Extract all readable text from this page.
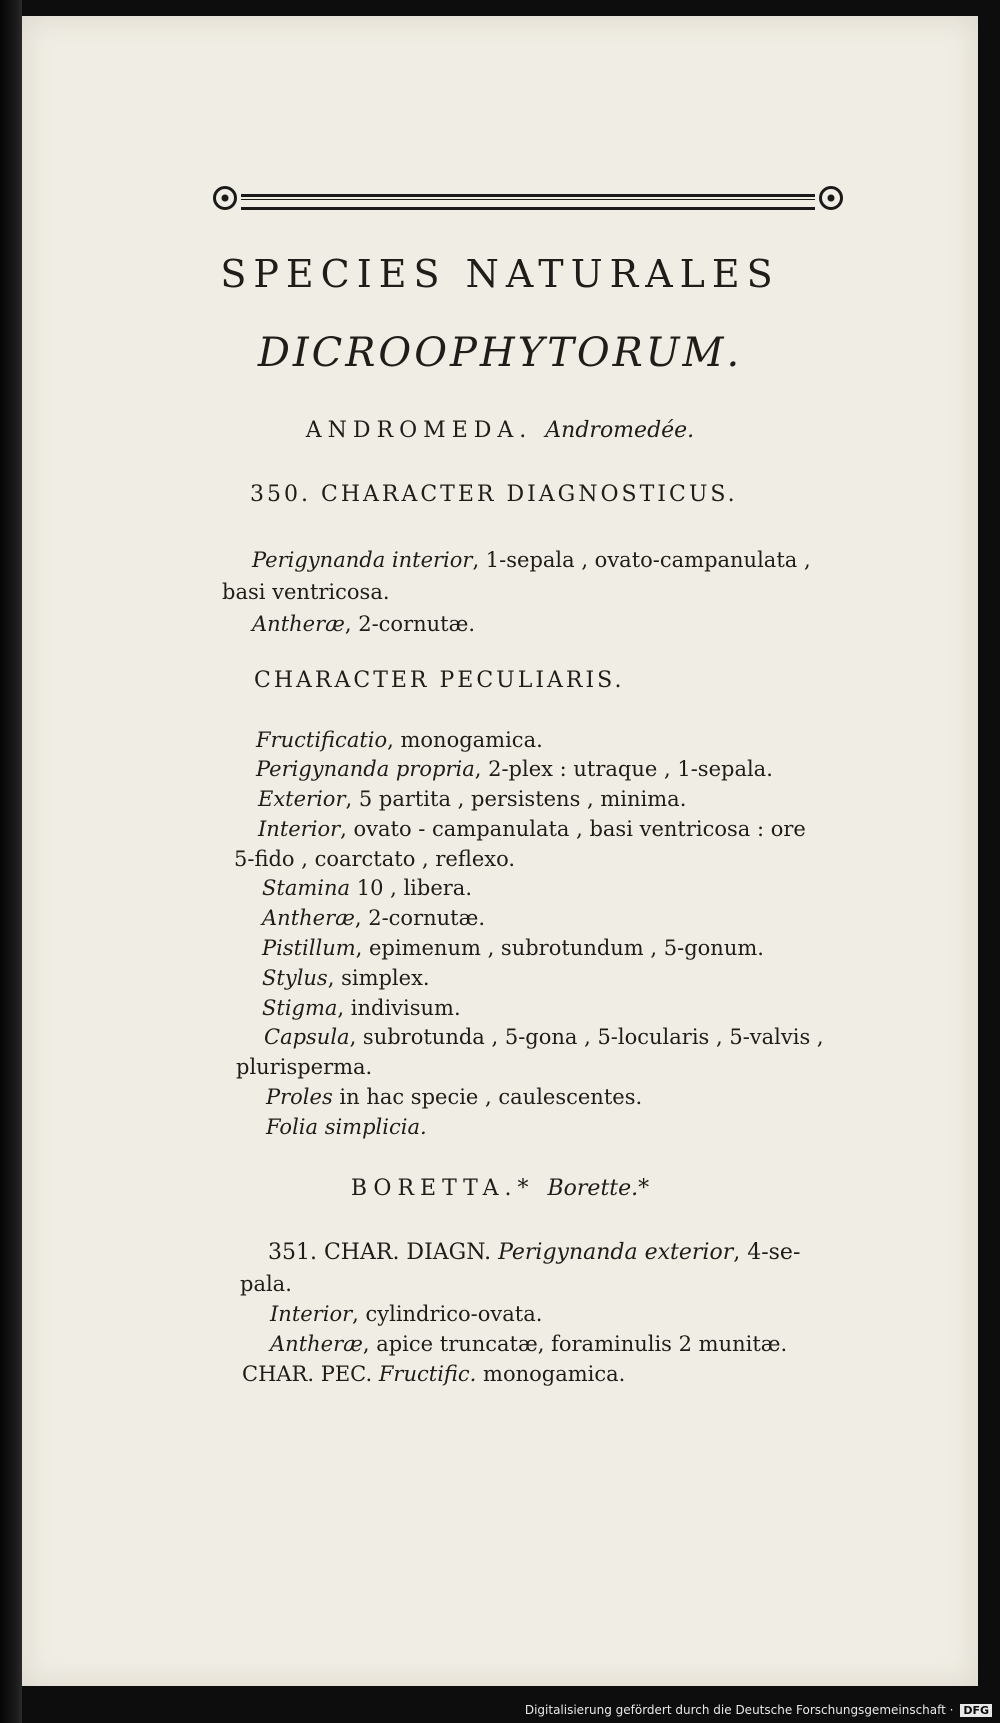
SPECIES NATURALES
DICROOPHYTORUM.
ANDROMEDA. Andromedée.
350. CHARACTER DIAGNOSTICUS.
Perigynanda interior, 1-sepala , ovato-campanulata ,
basi ventricosa.
Antheræ, 2-cornutæ.
CHARACTER PECULIARIS.
Fructificatio, monogamica.
Perigynanda propria, 2-plex : utraque , 1-sepala.
Exterior, 5 partita , persistens , minima.
Interior, ovato - campanulata , basi ventricosa : ore
5-fido , coarctato , reflexo.
Stamina 10 , libera.
Antheræ, 2-cornutæ.
Pistillum, epimenum , subrotundum , 5-gonum.
Stylus, simplex.
Stigma, indivisum.
Capsula, subrotunda , 5-gona , 5-locularis , 5-valvis ,
plurisperma.
Proles in hac specie , caulescentes.
Folia simplicia.
BORETTA.* Borette.*
351. CHAR. DIAGN. Perigynanda exterior, 4-se-
pala.
Interior, cylindrico-ovata.
Antheræ, apice truncatæ, foraminulis 2 munitæ.
CHAR. PEC. Fructific. monogamica.
Digitalisierung gefördert durch die Deutsche Forschungsgemeinschaft · DFG
